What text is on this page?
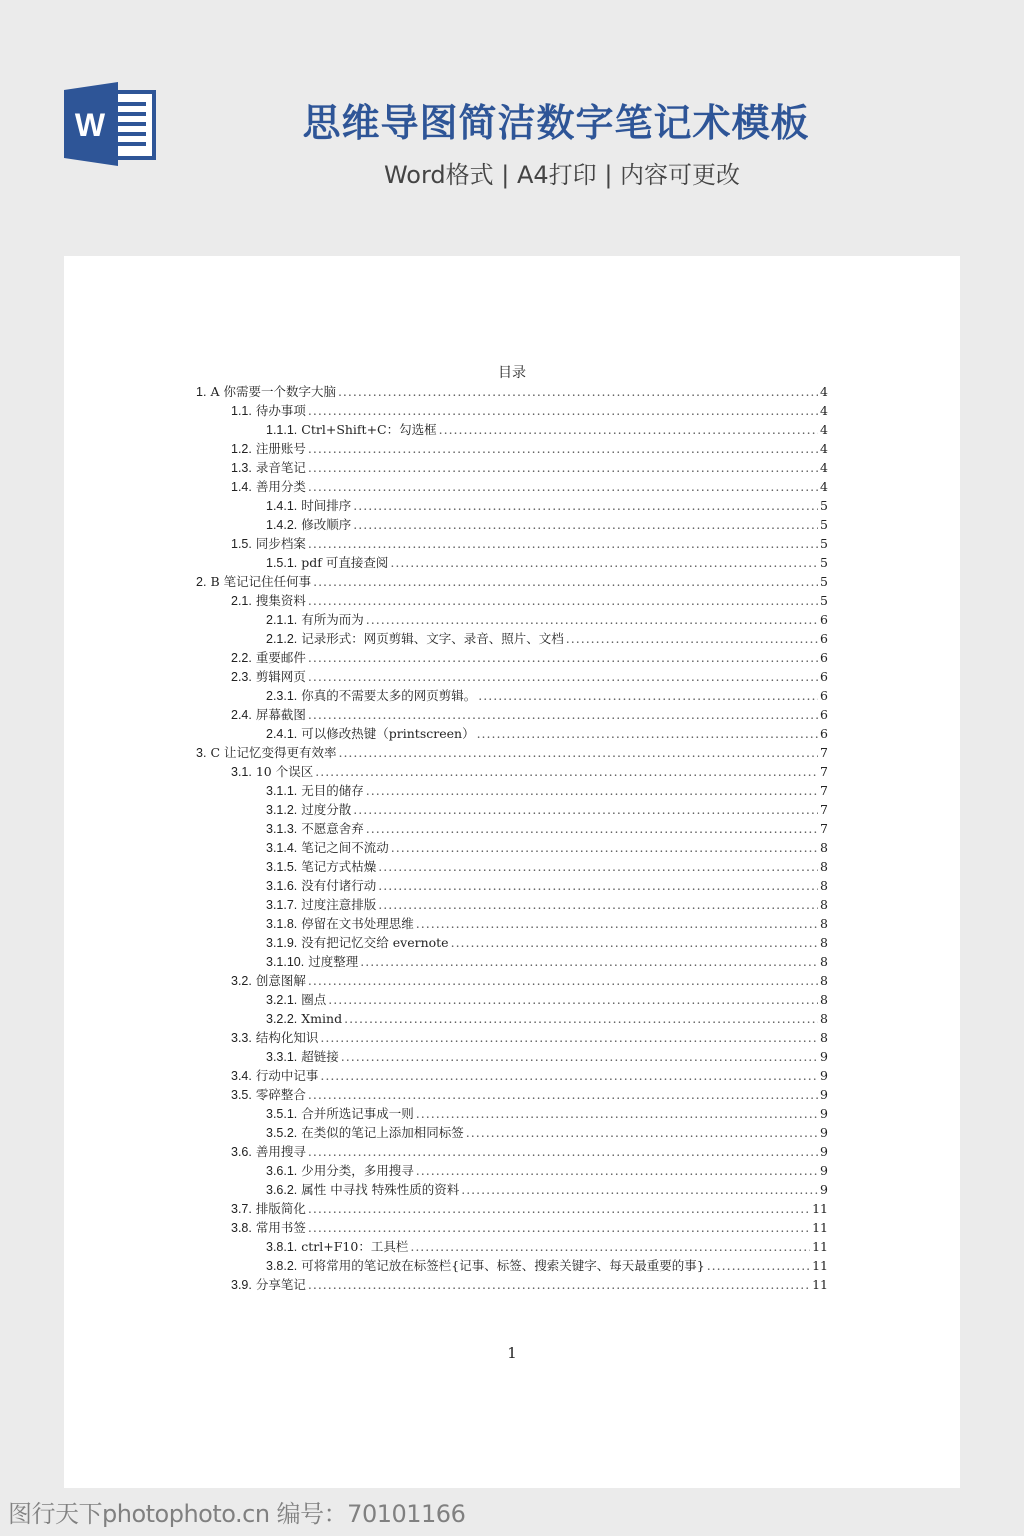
W	思维导图简洁数字笔记术模板
Word格式 | A4打印 | 内容可更改
目录
1. A 你需要一个数字大脑 .....	4
1.1. 待办事项 .....	4
1.1.1. Ctrl+Shift+C：勾选框 .....	4
1.2. 注册账号 .....	4
1.3. 录音笔记 .....	4
1.4. 善用分类 .....	4
1.4.1. 时间排序 .....	5
1.4.2. 修改顺序 .....	5
1.5. 同步档案 .....	5
1.5.1. pdf 可直接查阅 .....	5
2. B 笔记记住任何事 .....	5
2.1. 搜集资料 .....	5
2.1.1. 有所为而为 .....	6
2.1.2. 记录形式：网页剪辑、文字、录音、照片、文档 .....	6
2.2. 重要邮件 .....	6
2.3. 剪辑网页 .....	6
2.3.1. 你真的不需要太多的网页剪辑。 .....	6
2.4. 屏幕截图 .....	6
2.4.1. 可以修改热键（printscreen） .....	6
3. C 让记忆变得更有效率 .....	7
3.1. 10 个误区 .....	7
3.1.1. 无目的储存 .....	7
3.1.2. 过度分散 .....	7
3.1.3. 不愿意舍弃 .....	7
3.1.4. 笔记之间不流动 .....	8
3.1.5. 笔记方式枯燥 .....	8
3.1.6. 没有付诸行动 .....	8
3.1.7. 过度注意排版 .....	8
3.1.8. 停留在文书处理思维 .....	8
3.1.9. 没有把记忆交给 evernote .....	8
3.1.10. 过度整理 .....	8
3.2. 创意图解 .....	8
3.2.1. 圈点 .....	8
3.2.2. Xmind .....	8
3.3. 结构化知识 .....	8
3.3.1. 超链接 .....	9
3.4. 行动中记事 .....	9
3.5. 零碎整合 .....	9
3.5.1. 合并所选记事成一则 .....	9
3.5.2. 在类似的笔记上添加相同标签 .....	9
3.6. 善用搜寻 .....	9
3.6.1. 少用分类，多用搜寻 .....	9
3.6.2. 属性 中寻找 特殊性质的资料 .....	9
3.7. 排版简化 .....	11
3.8. 常用书签 .....	11
3.8.1. ctrl+F10：工具栏 .....	11
3.8.2. 可将常用的笔记放在标签栏{记事、标签、搜索关键字、每天最重要的事} .....	11
3.9. 分享笔记 .....	11
1
图行天下photophoto.cn 编号：70101166
